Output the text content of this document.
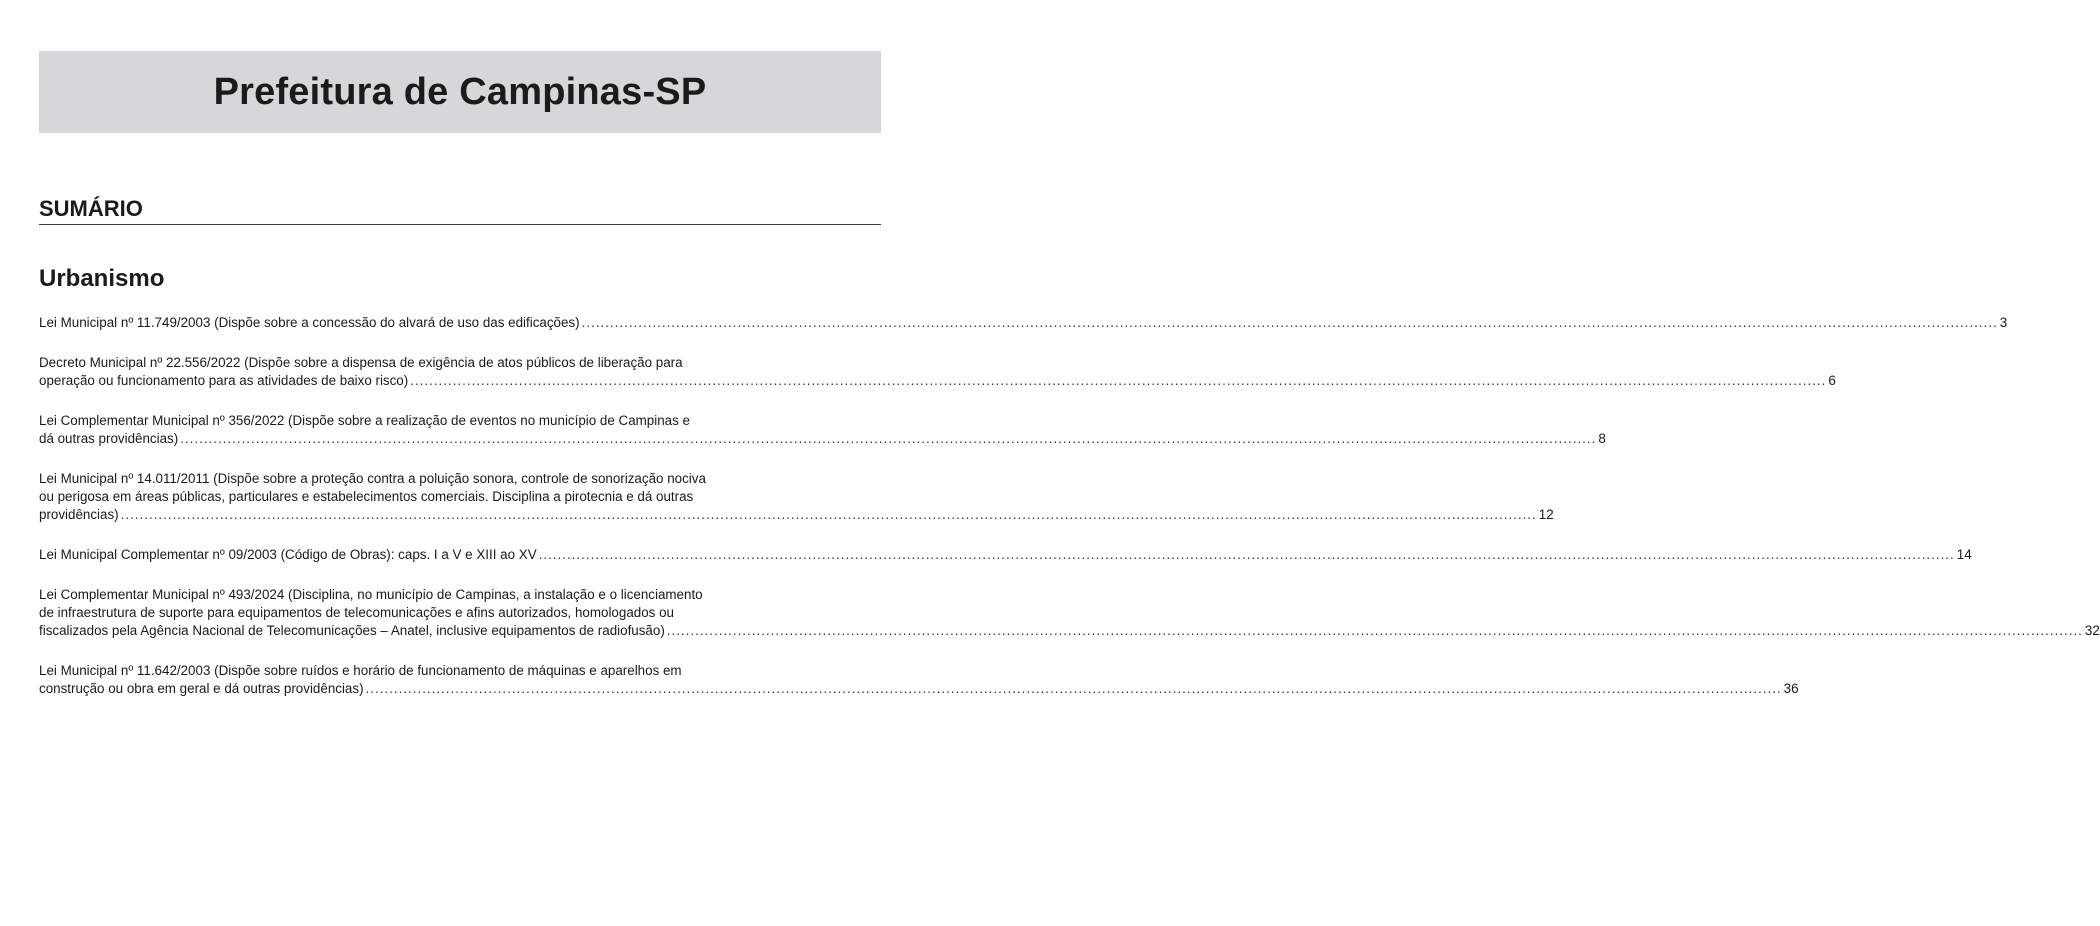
Prefeitura de Campinas-SP
SUMÁRIO
Urbanismo
Lei Municipal nº 11.749/2003 (Dispõe sobre a concessão do alvará de uso das edificações) ............................................................................................................................................................................................................................................................................................................ 3
Decreto Municipal nº 22.556/2022 (Dispõe sobre a dispensa de exigência de atos públicos de liberação para
operação ou funcionamento para as atividades de baixo risco) ............................................................................................................................................................................................................................................................................................................ 6
Lei Complementar Municipal nº 356/2022 (Dispõe sobre a realização de eventos no município de Campinas e
dá outras providências) ............................................................................................................................................................................................................................................................................................................ 8
Lei Municipal nº 14.011/2011 (Dispõe sobre a proteção contra a poluição sonora, controle de sonorização nociva
ou perigosa em áreas públicas, particulares e estabelecimentos comerciais. Disciplina a pirotecnia e dá outras
providências) ............................................................................................................................................................................................................................................................................................................ 12
Lei Municipal Complementar nº 09/2003 (Código de Obras): caps. I a V e XIII ao XV ............................................................................................................................................................................................................................................................................................................ 14
Lei Complementar Municipal nº 493/2024 (Disciplina, no município de Campinas, a instalação e o licenciamento
de infraestrutura de suporte para equipamentos de telecomunicações e afins autorizados, homologados ou
fiscalizados pela Agência Nacional de Telecomunicações – Anatel, inclusive equipamentos de radiofusão) ............................................................................................................................................................................................................................................................................................................ 32
Lei Municipal nº 11.642/2003 (Dispõe sobre ruídos e horário de funcionamento de máquinas e aparelhos em
construção ou obra em geral e dá outras providências) ............................................................................................................................................................................................................................................................................................................ 36
